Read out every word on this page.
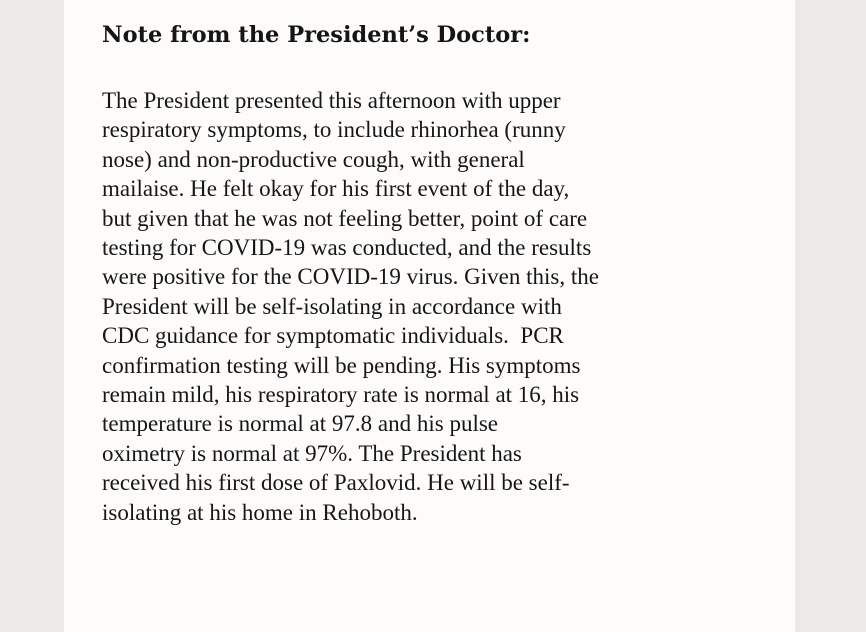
Note from the President’s Doctor:
The President presented this afternoon with upper
respiratory symptoms, to include rhinorhea (runny
nose) and non-productive cough, with general
mailaise. He felt okay for his first event of the day,
but given that he was not feeling better, point of care
testing for COVID-19 was conducted, and the results
were positive for the COVID-19 virus. Given this, the
President will be self-isolating in accordance with
CDC guidance for symptomatic individuals.  PCR
confirmation testing will be pending. His symptoms
remain mild, his respiratory rate is normal at 16, his
temperature is normal at 97.8 and his pulse
oximetry is normal at 97%. The President has
received his first dose of Paxlovid. He will be self-
isolating at his home in Rehoboth.
